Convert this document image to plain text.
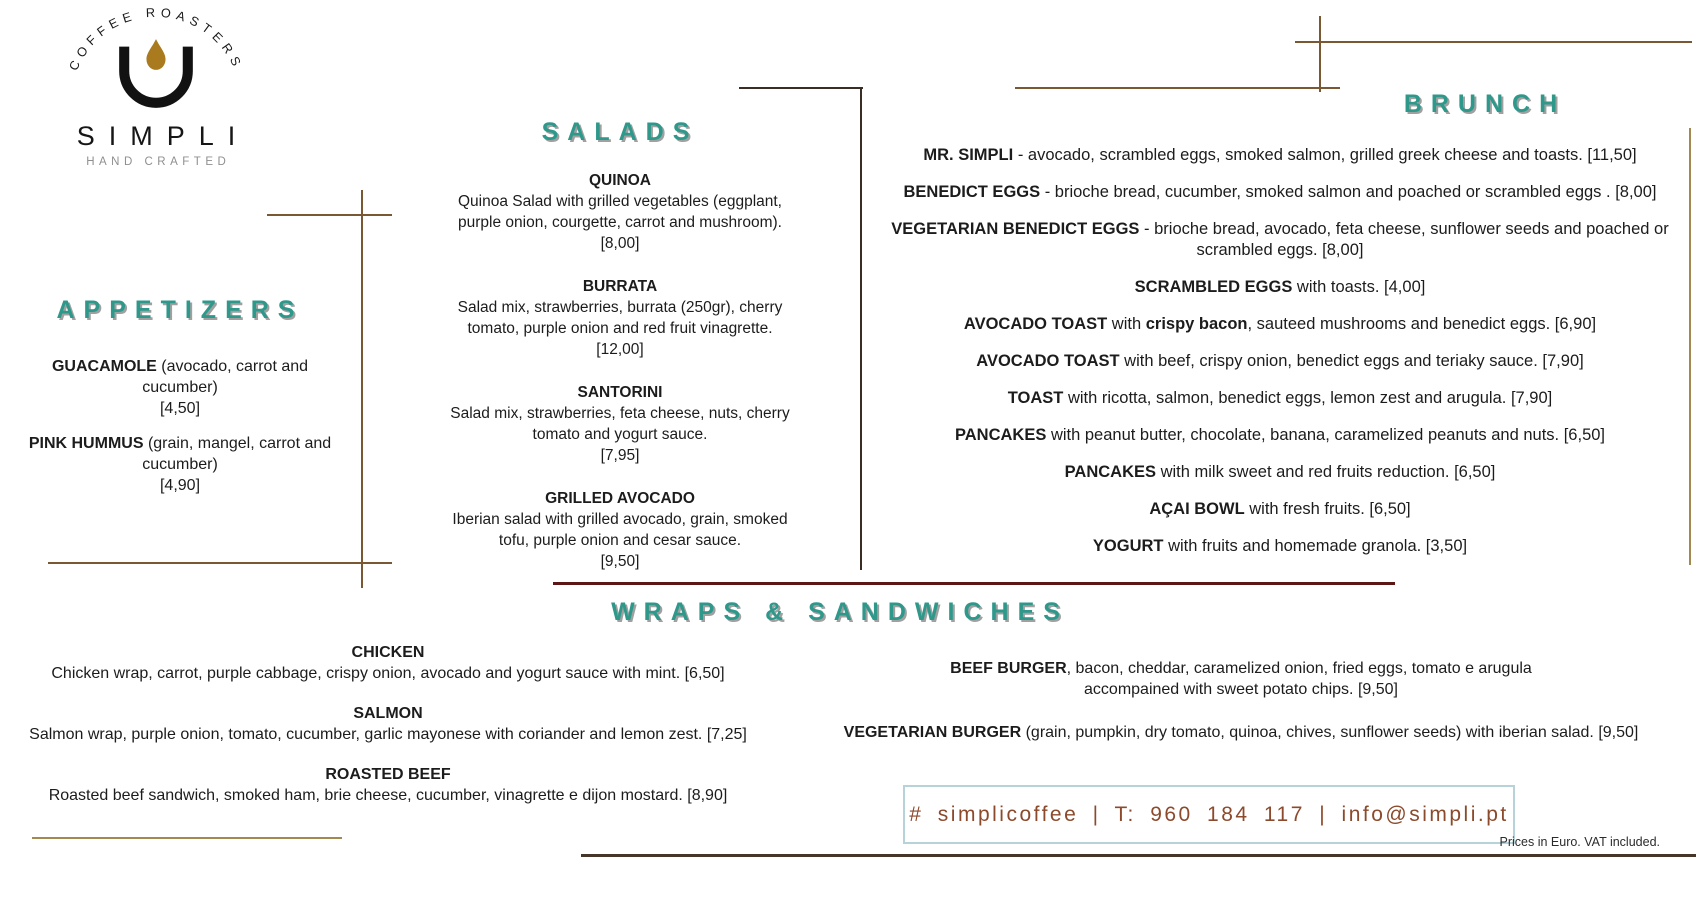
COFFEE ROASTERS
SIMPLI
HAND CRAFTED
APPETIZERS
GUACAMOLE (avocado, carrot and
cucumber)
[4,50]
PINK HUMMUS (grain, mangel, carrot and
cucumber)
[4,90]
SALADS
QUINOA
Quinoa Salad with grilled vegetables (eggplant,
purple onion, courgette, carrot and mushroom).
[8,00]
BURRATA
Salad mix, strawberries, burrata (250gr), cherry
tomato, purple onion and red fruit vinagrette.
[12,00]
SANTORINI
Salad mix, strawberries, feta cheese, nuts, cherry
tomato and yogurt sauce.
[7,95]
GRILLED AVOCADO
Iberian salad with grilled avocado, grain, smoked
tofu, purple onion and cesar sauce.
[9,50]
BRUNCH
MR. SIMPLI - avocado, scrambled eggs, smoked salmon, grilled greek cheese and toasts. [11,50]
BENEDICT EGGS - brioche bread, cucumber, smoked salmon and poached or scrambled eggs . [8,00]
VEGETARIAN BENEDICT EGGS - brioche bread, avocado, feta cheese, sunflower seeds and poached or
scrambled eggs. [8,00]
SCRAMBLED EGGS with toasts. [4,00]
AVOCADO TOAST with crispy bacon, sauteed mushrooms and benedict eggs. [6,90]
AVOCADO TOAST with beef, crispy onion, benedict eggs and teriaky sauce. [7,90]
TOAST with ricotta, salmon, benedict eggs, lemon zest and arugula. [7,90]
PANCAKES with peanut butter, chocolate, banana, caramelized peanuts and nuts. [6,50]
PANCAKES with milk sweet and red fruits reduction. [6,50]
AÇAI BOWL with fresh fruits. [6,50]
YOGURT with fruits and homemade granola. [3,50]
WRAPS & SANDWICHES
CHICKEN
Chicken wrap, carrot, purple cabbage, crispy onion, avocado and yogurt sauce with mint. [6,50]
SALMON
Salmon wrap, purple onion, tomato, cucumber, garlic mayonese with coriander and lemon zest. [7,25]
ROASTED BEEF
Roasted beef sandwich, smoked ham, brie cheese, cucumber, vinagrette e dijon mostard. [8,90]
BEEF BURGER, bacon, cheddar, caramelized onion, fried eggs, tomato e arugula
accompained with sweet potato chips. [9,50]
VEGETARIAN BURGER (grain, pumpkin, dry tomato, quinoa, chives, sunflower seeds) with iberian salad. [9,50]
# simplicoffee | T: 960 184 117 | info@simpli.pt
Prices in Euro. VAT included.
